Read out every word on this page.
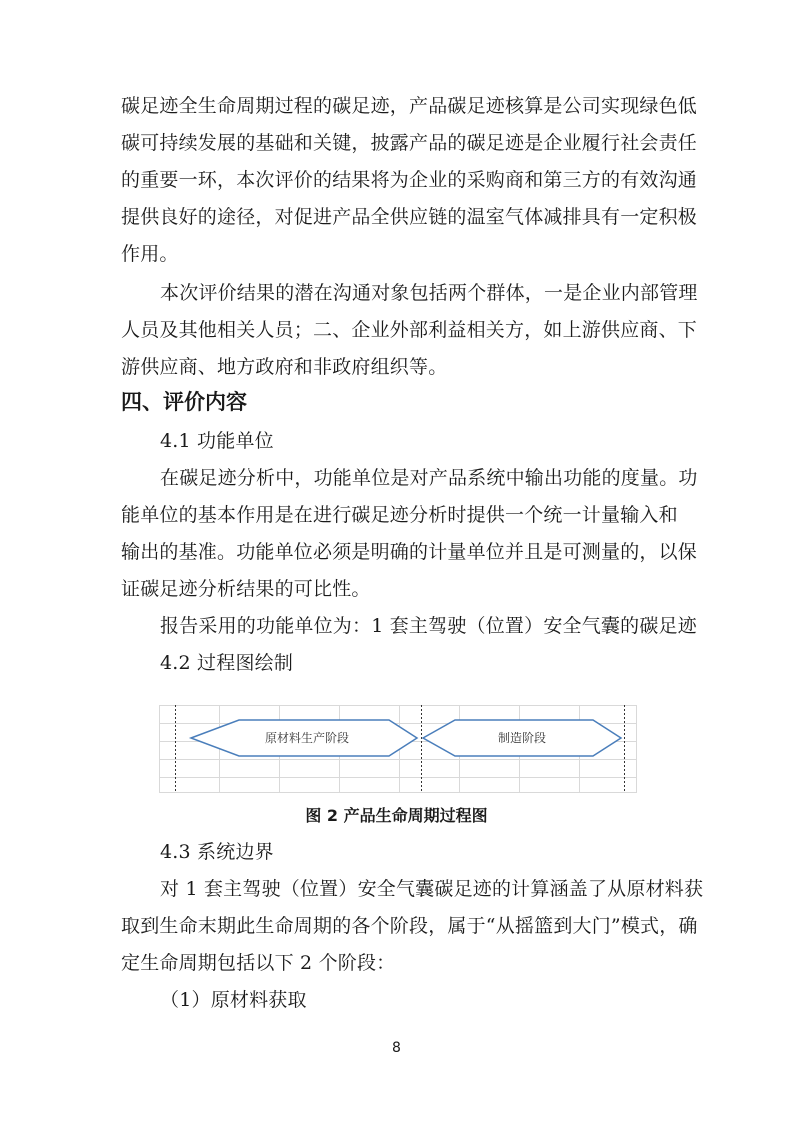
碳足迹全生命周期过程的碳足迹，产品碳足迹核算是公司实现绿色低
碳可持续发展的基础和关键，披露产品的碳足迹是企业履行社会责任
的重要一环，本次评价的结果将为企业的采购商和第三方的有效沟通
提供良好的途径，对促进产品全供应链的温室气体减排具有一定积极
作用。
本次评价结果的潜在沟通对象包括两个群体，一是企业内部管理
人员及其他相关人员；二、企业外部利益相关方，如上游供应商、下
游供应商、地方政府和非政府组织等。
四、评价内容
4.1 功能单位
在碳足迹分析中，功能单位是对产品系统中输出功能的度量。功
能单位的基本作用是在进行碳足迹分析时提供一个统一计量输入和
输出的基准。功能单位必须是明确的计量单位并且是可测量的，以保
证碳足迹分析结果的可比性。
报告采用的功能单位为：1 套主驾驶（位置）安全气囊的碳足迹
4.2 过程图绘制
原材料生产阶段	制造阶段
图 2 产品生命周期过程图
4.3 系统边界
对 1 套主驾驶（位置）安全气囊碳足迹的计算涵盖了从原材料获
取到生命末期此生命周期的各个阶段，属于“从摇篮到大门”模式，确
定生命周期包括以下 2 个阶段：
（1）原材料获取
8
